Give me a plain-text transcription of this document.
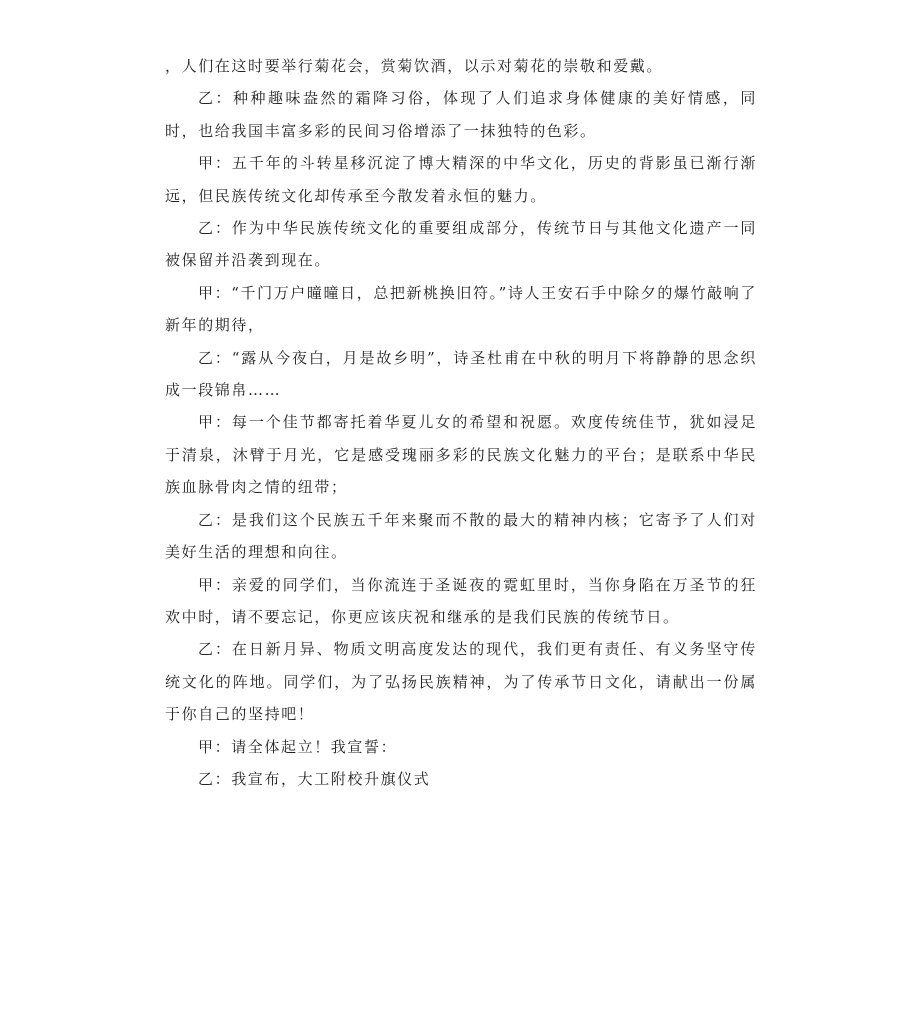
，人们在这时要举行菊花会，赏菊饮酒，以示对菊花的崇敬和爱戴。

乙：种种趣味盎然的霜降习俗，体现了人们追求身体健康的美好情感，同时，也给我国丰富多彩的民间习俗增添了一抹独特的色彩。

甲：五千年的斗转星移沉淀了博大精深的中华文化，历史的背影虽已渐行渐远，但民族传统文化却传承至今散发着永恒的魅力。

乙：作为中华民族传统文化的重要组成部分，传统节日与其他文化遗产一同被保留并沿袭到现在。

甲：“千门万户曈曈日，总把新桃换旧符。”诗人王安石手中除夕的爆竹敲响了新年的期待，

乙：“露从今夜白，月是故乡明”，诗圣杜甫在中秋的明月下将静静的思念织成一段锦帛……

甲：每一个佳节都寄托着华夏儿女的希望和祝愿。欢度传统佳节，犹如浸足于清泉，沐臂于月光，它是感受瑰丽多彩的民族文化魅力的平台；是联系中华民族血脉骨肉之情的纽带；

乙：是我们这个民族五千年来聚而不散的最大的精神内核；它寄予了人们对美好生活的理想和向往。

甲：亲爱的同学们，当你流连于圣诞夜的霓虹里时，当你身陷在万圣节的狂欢中时，请不要忘记，你更应该庆祝和继承的是我们民族的传统节日。

乙：在日新月异、物质文明高度发达的现代，我们更有责任、有义务坚守传统文化的阵地。同学们，为了弘扬民族精神，为了传承节日文化，请献出一份属于你自己的坚持吧！

甲：请全体起立！我宣誓：

乙：我宣布，大工附校升旗仪式
